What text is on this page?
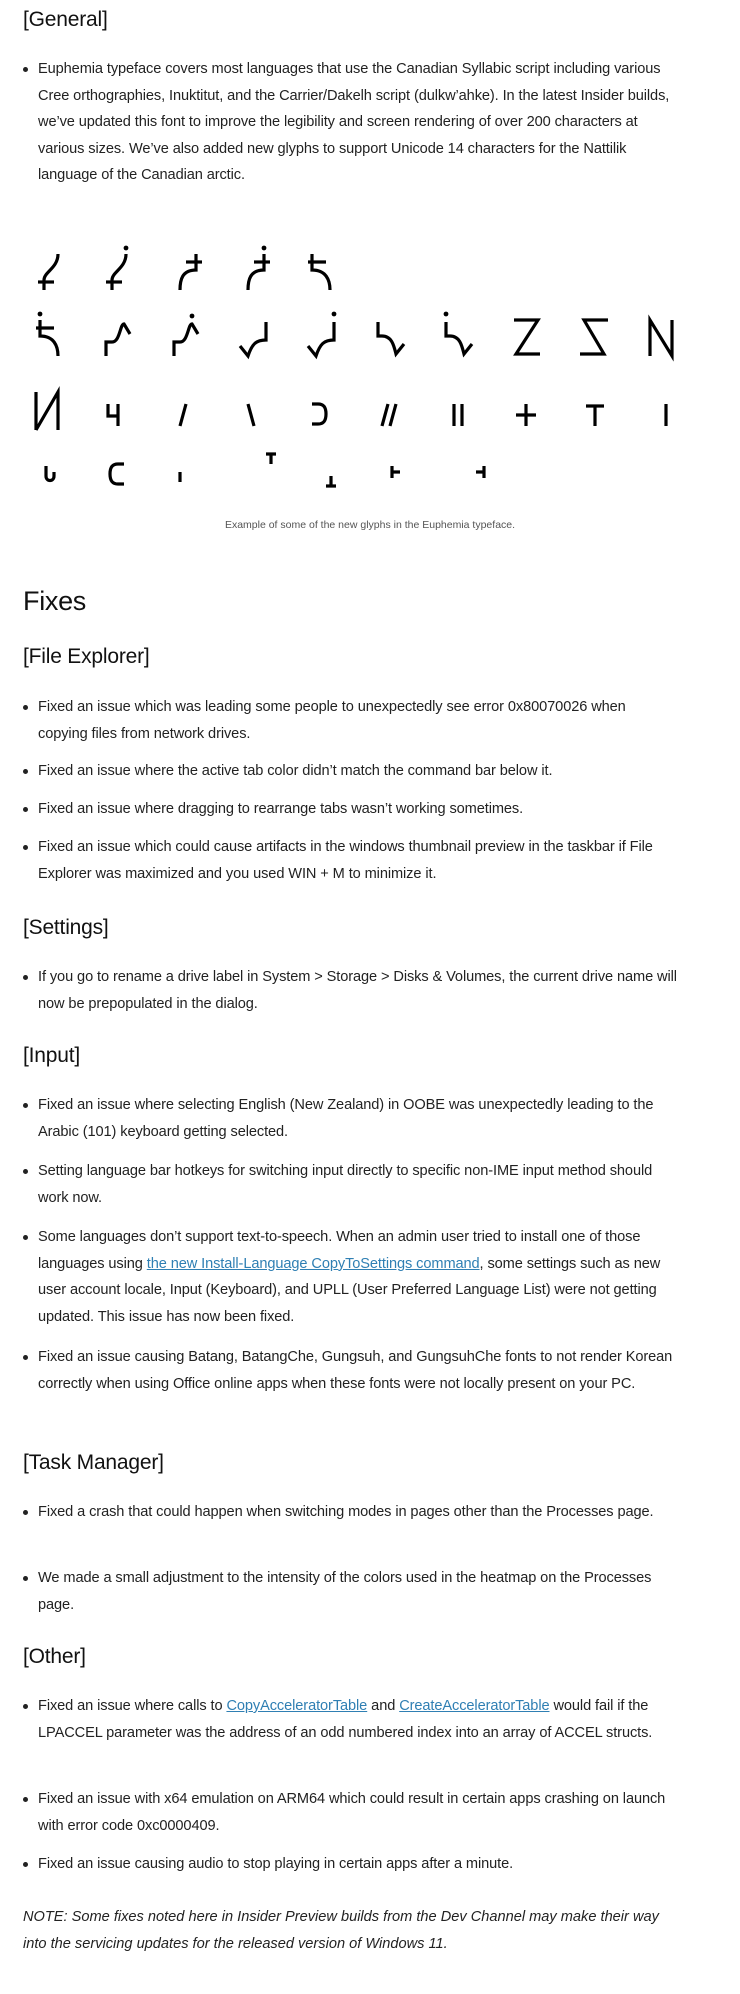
[General]
Euphemia typeface covers most languages that use the Canadian Syllabic script including various Cree orthographies, Inuktitut, and the Carrier/Dakelh script (dulkw’ahke). In the latest Insider builds, we’ve updated this font to improve the legibility and screen rendering of over 200 characters at various sizes. We’ve also added new glyphs to support Unicode 14 characters for the Nattilik language of the Canadian arctic.
Example of some of the new glyphs in the Euphemia typeface.
Fixes
[File Explorer]
Fixed an issue which was leading some people to unexpectedly see error 0x80070026 when copying files from network drives.
Fixed an issue where the active tab color didn’t match the command bar below it.
Fixed an issue where dragging to rearrange tabs wasn’t working sometimes.
Fixed an issue which could cause artifacts in the windows thumbnail preview in the taskbar if File Explorer was maximized and you used WIN + M to minimize it.
[Settings]
If you go to rename a drive label in System > Storage > Disks & Volumes, the current drive name will now be prepopulated in the dialog.
[Input]
Fixed an issue where selecting English (New Zealand) in OOBE was unexpectedly leading to the Arabic (101) keyboard getting selected.
Setting language bar hotkeys for switching input directly to specific non-IME input method should work now.
Some languages don’t support text-to-speech. When an admin user tried to install one of those languages using the new Install-Language CopyToSettings command, some settings such as new user account locale, Input (Keyboard), and UPLL (User Preferred Language List) were not getting updated. This issue has now been fixed.
Fixed an issue causing Batang, BatangChe, Gungsuh, and GungsuhChe fonts to not render Korean correctly when using Office online apps when these fonts were not locally present on your PC.
[Task Manager]
Fixed a crash that could happen when switching modes in pages other than the Processes page.
We made a small adjustment to the intensity of the colors used in the heatmap on the Processes page.
[Other]
Fixed an issue where calls to CopyAcceleratorTable and CreateAcceleratorTable would fail if the LPACCEL parameter was the address of an odd numbered index into an array of ACCEL structs.
Fixed an issue with x64 emulation on ARM64 which could result in certain apps crashing on launch with error code 0xc0000409.
Fixed an issue causing audio to stop playing in certain apps after a minute.
NOTE: Some fixes noted here in Insider Preview builds from the Dev Channel may make their way into the servicing updates for the released version of Windows 11.
